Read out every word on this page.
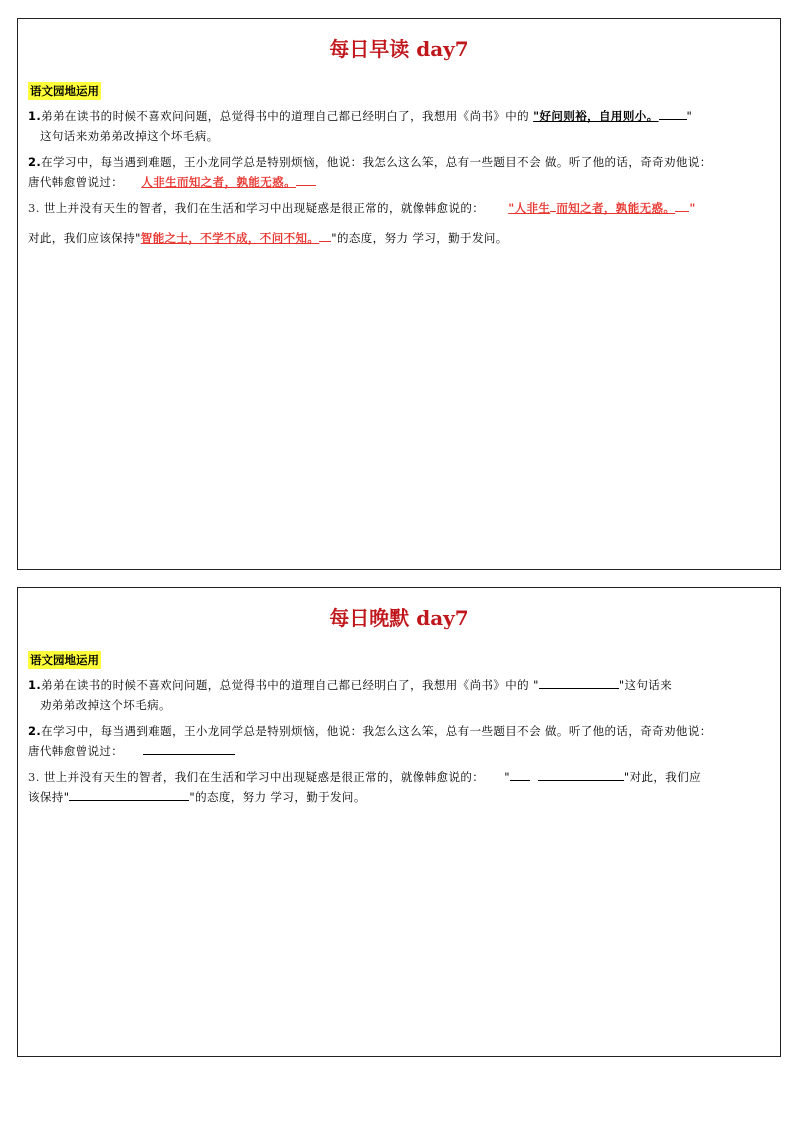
每日早读 day7
语文园地运用
1.弟弟在读书的时候不喜欢问问题，总觉得书中的道理自己都已经明白了，我想用《尚书》中的 "好问则裕，自用则小。 "
这句话来劝弟弟改掉这个坏毛病。
2.在学习中，每当遇到难题，王小龙同学总是特别烦恼，他说：我怎么这么笨，总有一些题目不会 做。听了他的话，奇奇劝他说：
唐代韩愈曾说过： 人非生而知之者，孰能无惑。
3. 世上并没有天生的智者，我们在生活和学习中出现疑惑是很正常的，就像韩愈说的： "人非生 而知之者，孰能无惑。 "
对此，我们应该保持"智能之士，不学不成，不问不知。 "的态度，努力 学习，勤于发问。
每日晚默 day7
语文园地运用
1.弟弟在读书的时候不喜欢问问题，总觉得书中的道理自己都已经明白了，我想用《尚书》中的 "	"这句话来
劝弟弟改掉这个坏毛病。
2.在学习中，每当遇到难题，王小龙同学总是特别烦恼，他说：我怎么这么笨，总有一些题目不会 做。听了他的话，奇奇劝他说：
唐代韩愈曾说过：
3. 世上并没有天生的智者，我们在生活和学习中出现疑惑是很正常的，就像韩愈说的： "	"对此，我们应
该保持"	"的态度，努力 学习，勤于发问。
